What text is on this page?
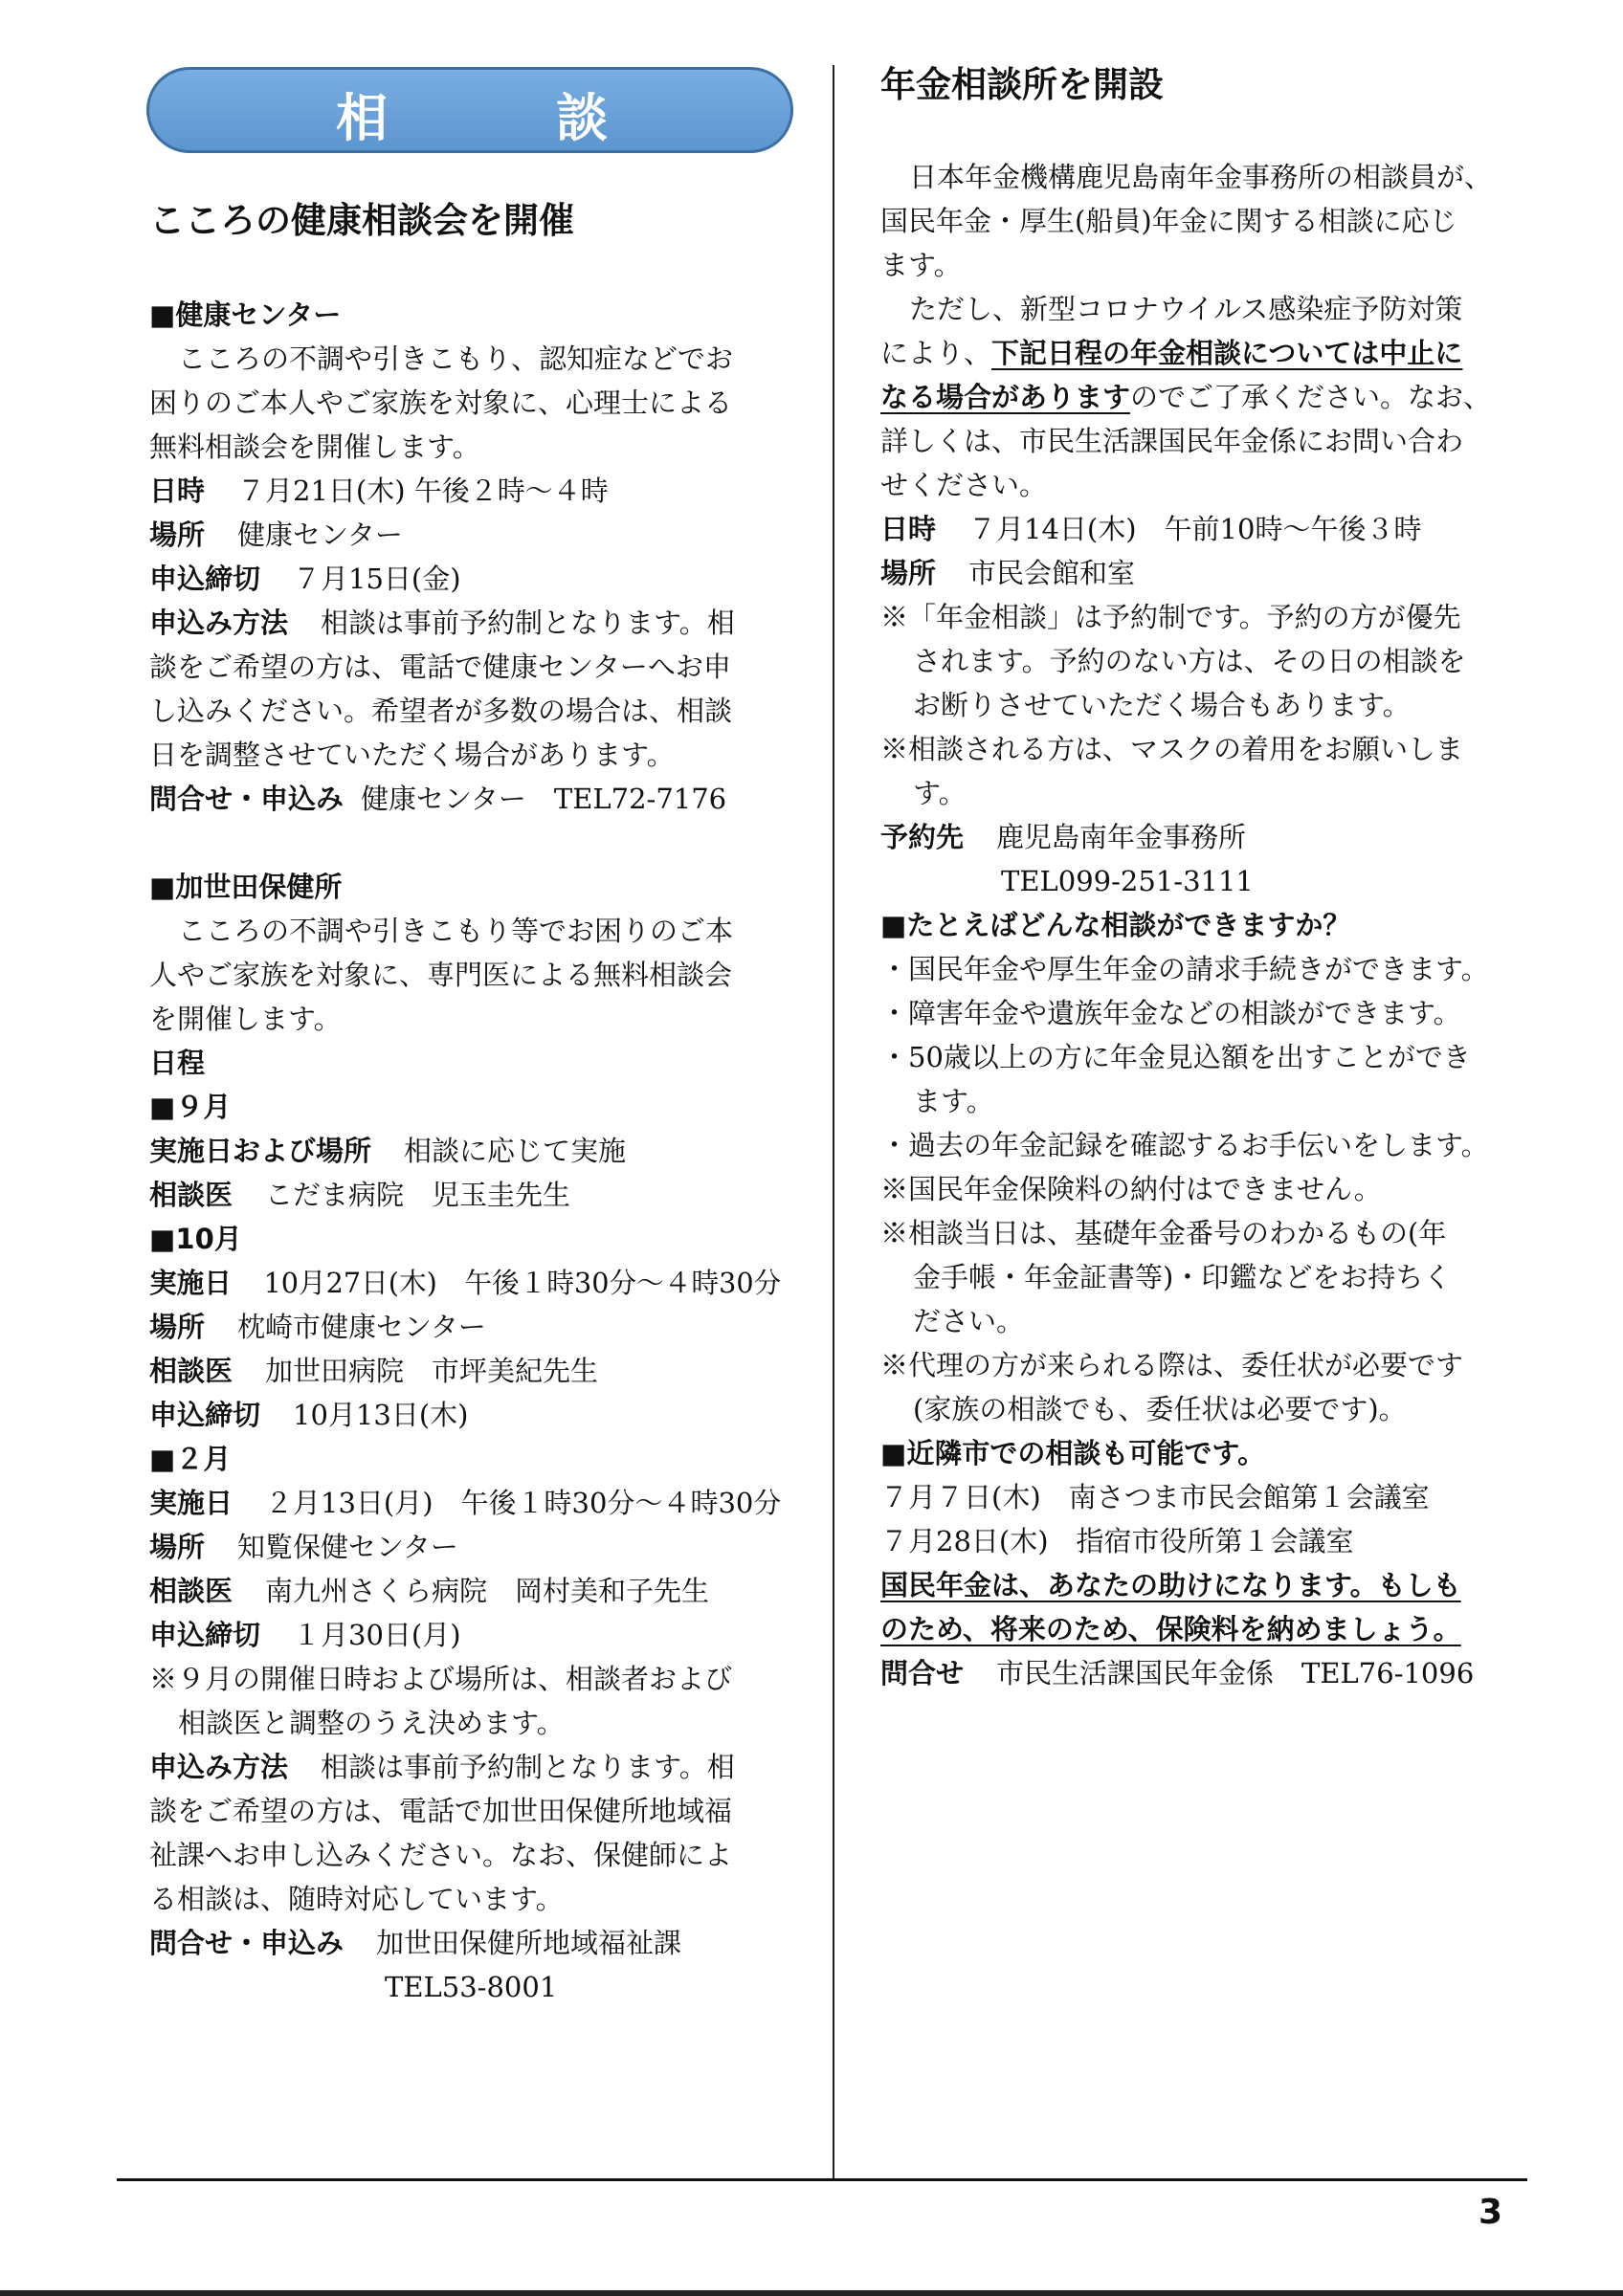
相	談
こころの健康相談会を開催
■健康センター
こころの不調や引きこもり、認知症などでお
困りのご本人やご家族を対象に、心理士による
無料相談会を開催します。
日時 ７月21日(木) 午後２時～４時
場所 健康センター
申込締切 ７月15日(金)
申込み方法 相談は事前予約制となります。相
談をご希望の方は、電話で健康センターへお申
し込みください。希望者が多数の場合は、相談
日を調整させていただく場合があります。
問合せ・申込み 健康センター　TEL72-7176
■加世田保健所
こころの不調や引きこもり等でお困りのご本
人やご家族を対象に、専門医による無料相談会
を開催します。
日程
■９月
実施日および場所 相談に応じて実施
相談医 こだま病院　児玉圭先生
■10月
実施日 10月27日(木)　午後１時30分～４時30分
場所 枕崎市健康センター
相談医 加世田病院　市坪美紀先生
申込締切 10月13日(木)
■２月
実施日 ２月13日(月)　午後１時30分～４時30分
場所 知覧保健センター
相談医 南九州さくら病院　岡村美和子先生
申込締切 １月30日(月)
※９月の開催日時および場所は、相談者および
相談医と調整のうえ決めます。
申込み方法 相談は事前予約制となります。相
談をご希望の方は、電話で加世田保健所地域福
祉課へお申し込みください。なお、保健師によ
る相談は、随時対応しています。
問合せ・申込み 加世田保健所地域福祉課
TEL53-8001
年金相談所を開設
日本年金機構鹿児島南年金事務所の相談員が、
国民年金・厚生(船員)年金に関する相談に応じ
ます。
ただし、新型コロナウイルス感染症予防対策
により、下記日程の年金相談については中止に
なる場合がありますのでご了承ください。なお、
詳しくは、市民生活課国民年金係にお問い合わ
せください。
日時 ７月14日(木)　午前10時～午後３時
場所 市民会館和室
※「年金相談」は予約制です。予約の方が優先
されます。予約のない方は、その日の相談を
お断りさせていただく場合もあります。
※相談される方は、マスクの着用をお願いしま
す。
予約先 鹿児島南年金事務所
TEL099-251-3111
■たとえばどんな相談ができますか？
・国民年金や厚生年金の請求手続きができます。
・障害年金や遺族年金などの相談ができます。
・50歳以上の方に年金見込額を出すことができ
ます。
・過去の年金記録を確認するお手伝いをします。
※国民年金保険料の納付はできません。
※相談当日は、基礎年金番号のわかるもの(年
金手帳・年金証書等)・印鑑などをお持ちく
ださい。
※代理の方が来られる際は、委任状が必要です
(家族の相談でも、委任状は必要です)。
■近隣市での相談も可能です。
７月７日(木)　南さつま市民会館第１会議室
７月28日(木)　指宿市役所第１会議室
国民年金は、あなたの助けになります。もしも
のため、将来のため、保険料を納めましょう。
問合せ 市民生活課国民年金係　TEL76-1096
3
